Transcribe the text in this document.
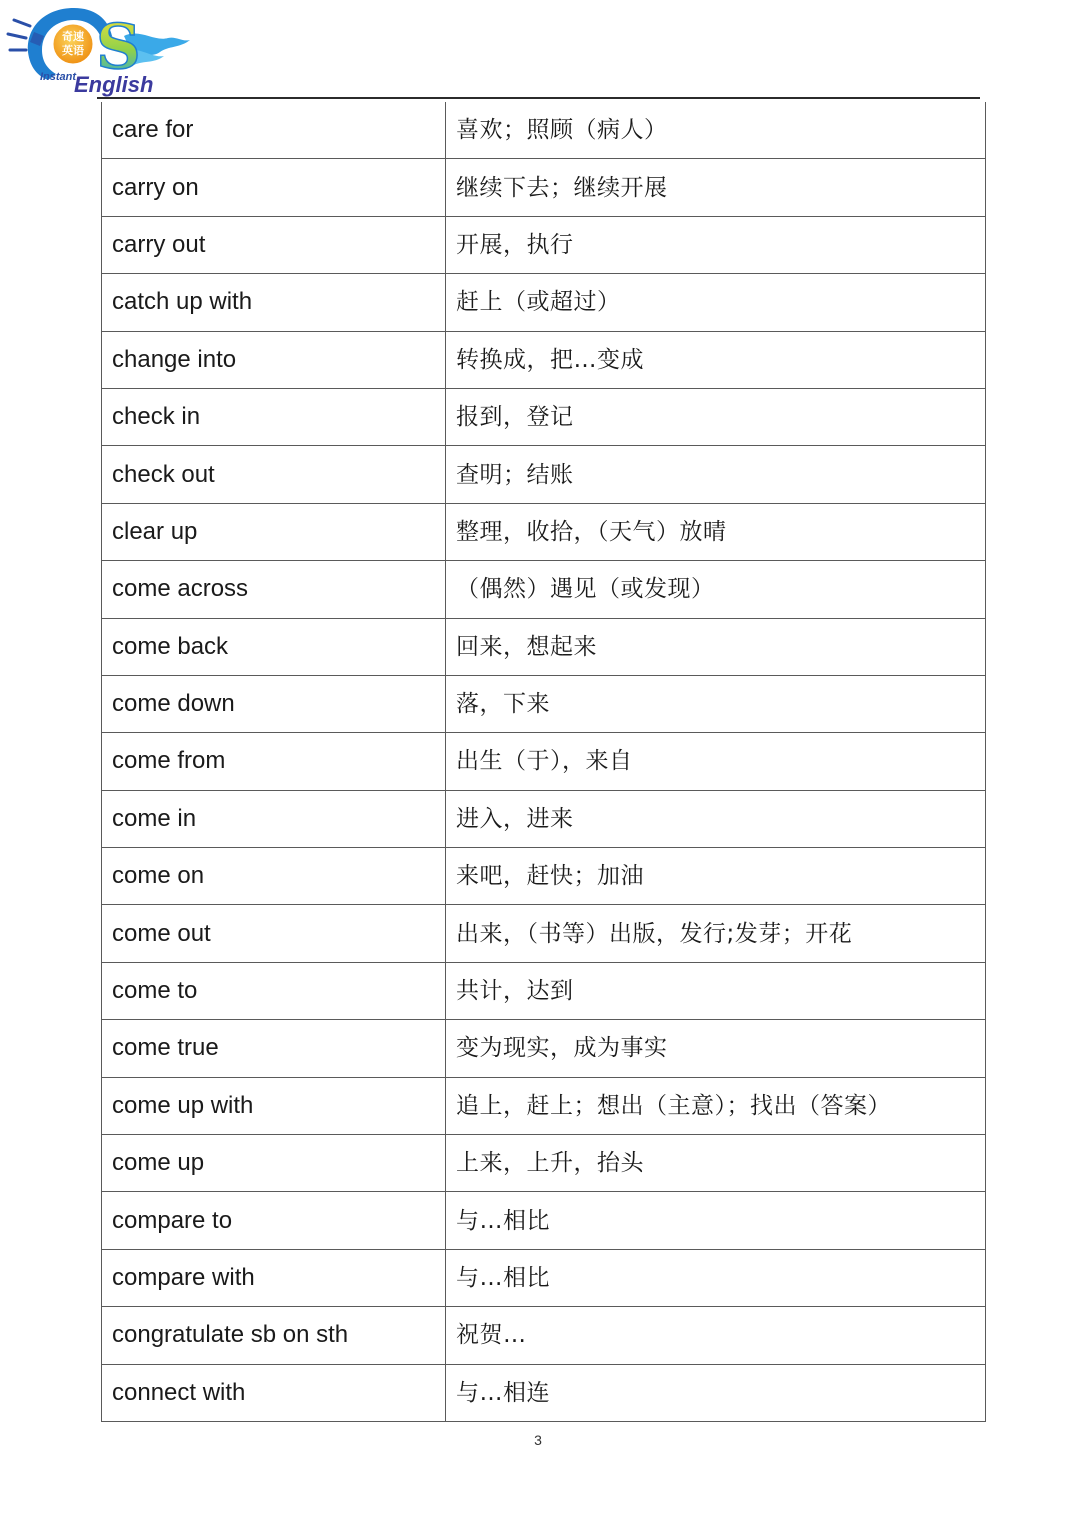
奇速
英语 S
Instant
English
care for	喜欢；照顾（病人）
carry on	继续下去；继续开展
carry out	开展，执行
catch up with	赶上（或超过）
change into	转换成，把…变成
check in	报到，登记
check out	查明；结账
clear up	整理，收拾，（天气）放晴
come across	（偶然）遇见（或发现）
come back	回来，想起来
come down	落，下来
come from	出生（于），来自
come in	进入，进来
come on	来吧，赶快；加油
come out	出来，（书等）出版，发行;发芽；开花
come to	共计，达到
come true	变为现实，成为事实
come up with	追上，赶上；想出（主意）；找出（答案）
come up	上来，上升，抬头
compare to	与…相比
compare with	与…相比
congratulate sb on sth	祝贺…
connect with	与…相连
3
